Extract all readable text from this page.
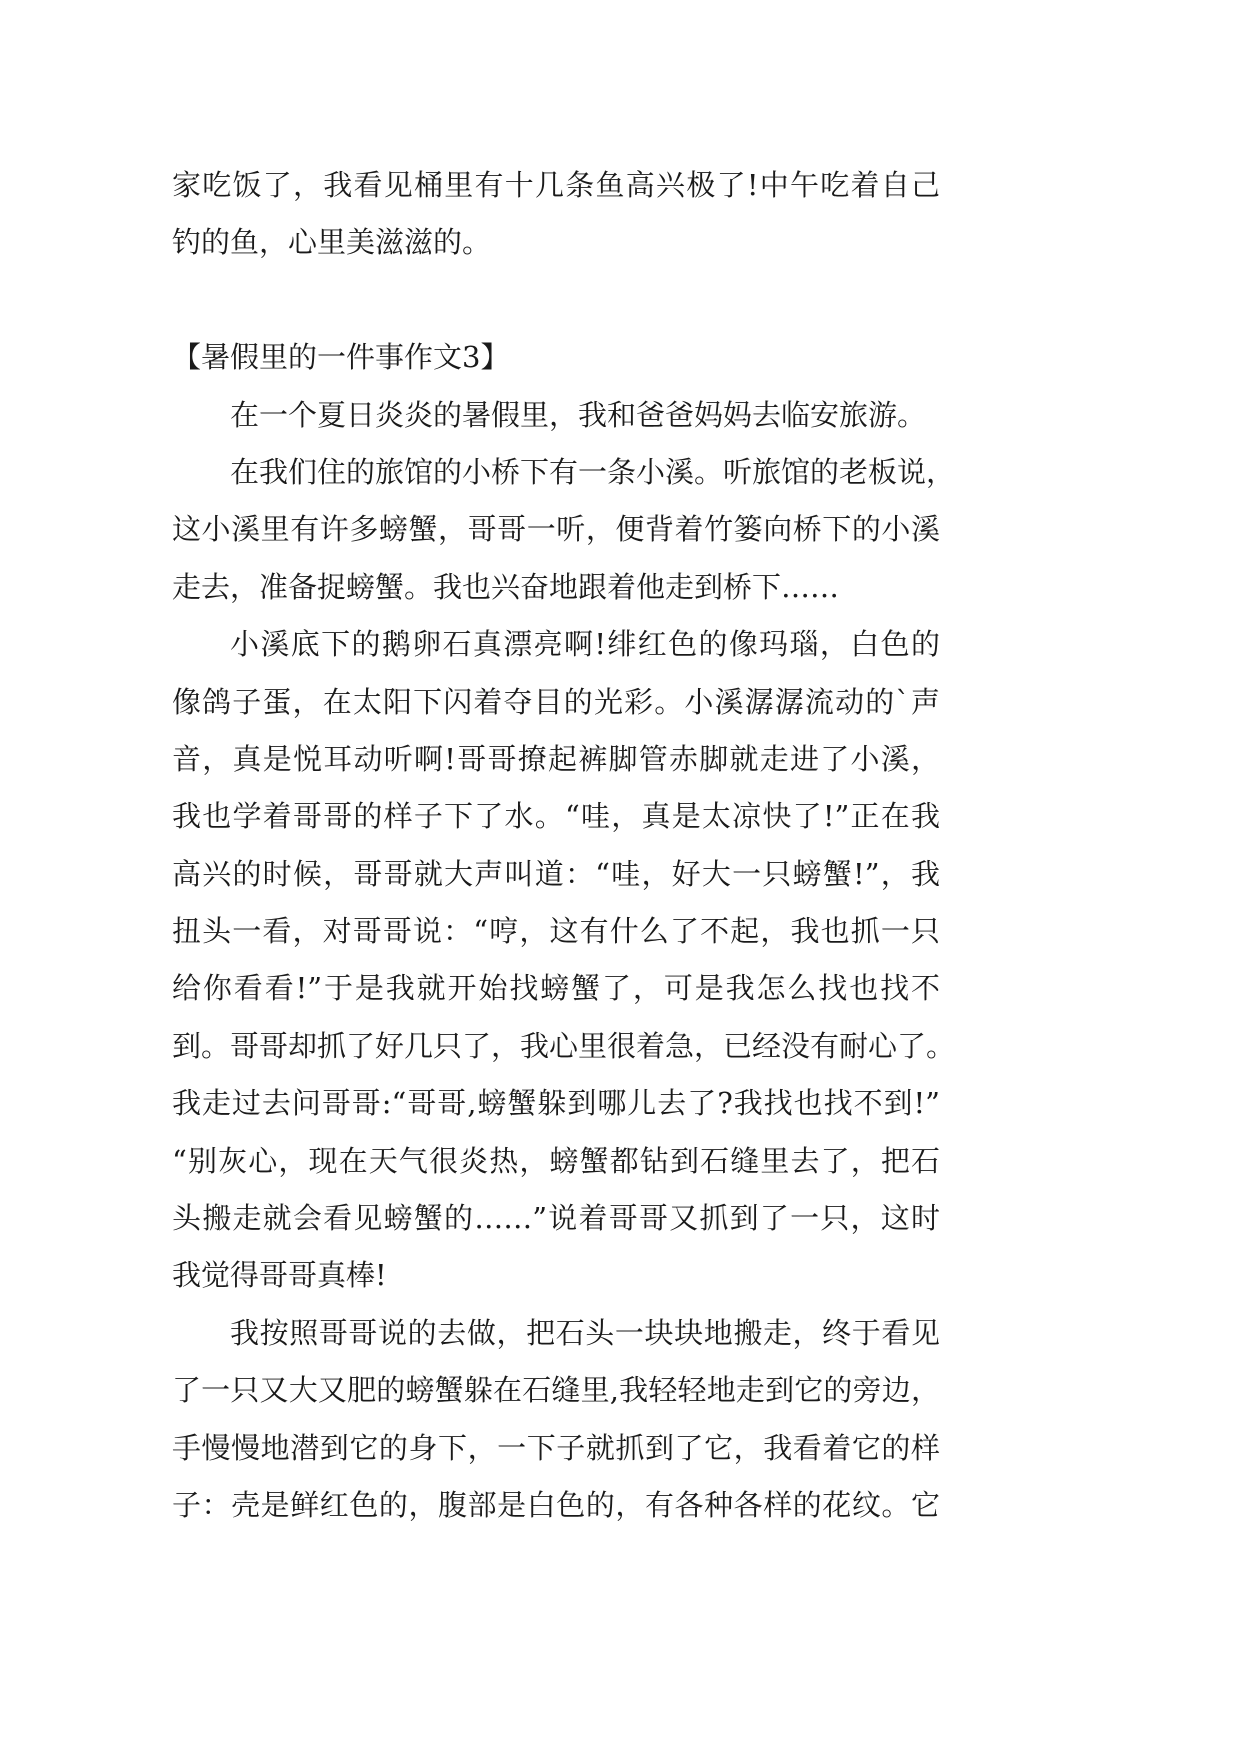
家吃饭了，我看见桶里有十几条鱼高兴极了!中午吃着自己
钓的鱼，心里美滋滋的。
【暑假里的一件事作文3】
在一个夏日炎炎的暑假里，我和爸爸妈妈去临安旅游。
在我们住的旅馆的小桥下有一条小溪。听旅馆的老板说，
这小溪里有许多螃蟹，哥哥一听，便背着竹篓向桥下的小溪
走去，准备捉螃蟹。我也兴奋地跟着他走到桥下……
小溪底下的鹅卵石真漂亮啊!绯红色的像玛瑙，白色的
像鸽子蛋，在太阳下闪着夺目的光彩。小溪潺潺流动的`声
音，真是悦耳动听啊!哥哥撩起裤脚管赤脚就走进了小溪，
我也学着哥哥的样子下了水。“哇，真是太凉快了!”正在我
高兴的时候，哥哥就大声叫道：“哇，好大一只螃蟹!”，我
扭头一看，对哥哥说：“哼，这有什么了不起，我也抓一只
给你看看!”于是我就开始找螃蟹了，可是我怎么找也找不
到。哥哥却抓了好几只了，我心里很着急，已经没有耐心了。
我走过去问哥哥:“哥哥,螃蟹躲到哪儿去了?我找也找不到!”
“别灰心，现在天气很炎热，螃蟹都钻到石缝里去了，把石
头搬走就会看见螃蟹的……”说着哥哥又抓到了一只，这时
我觉得哥哥真棒!
我按照哥哥说的去做，把石头一块块地搬走，终于看见
了一只又大又肥的螃蟹躲在石缝里,我轻轻地走到它的旁边，
手慢慢地潜到它的身下，一下子就抓到了它，我看着它的样
子：壳是鲜红色的，腹部是白色的，有各种各样的花纹。它
